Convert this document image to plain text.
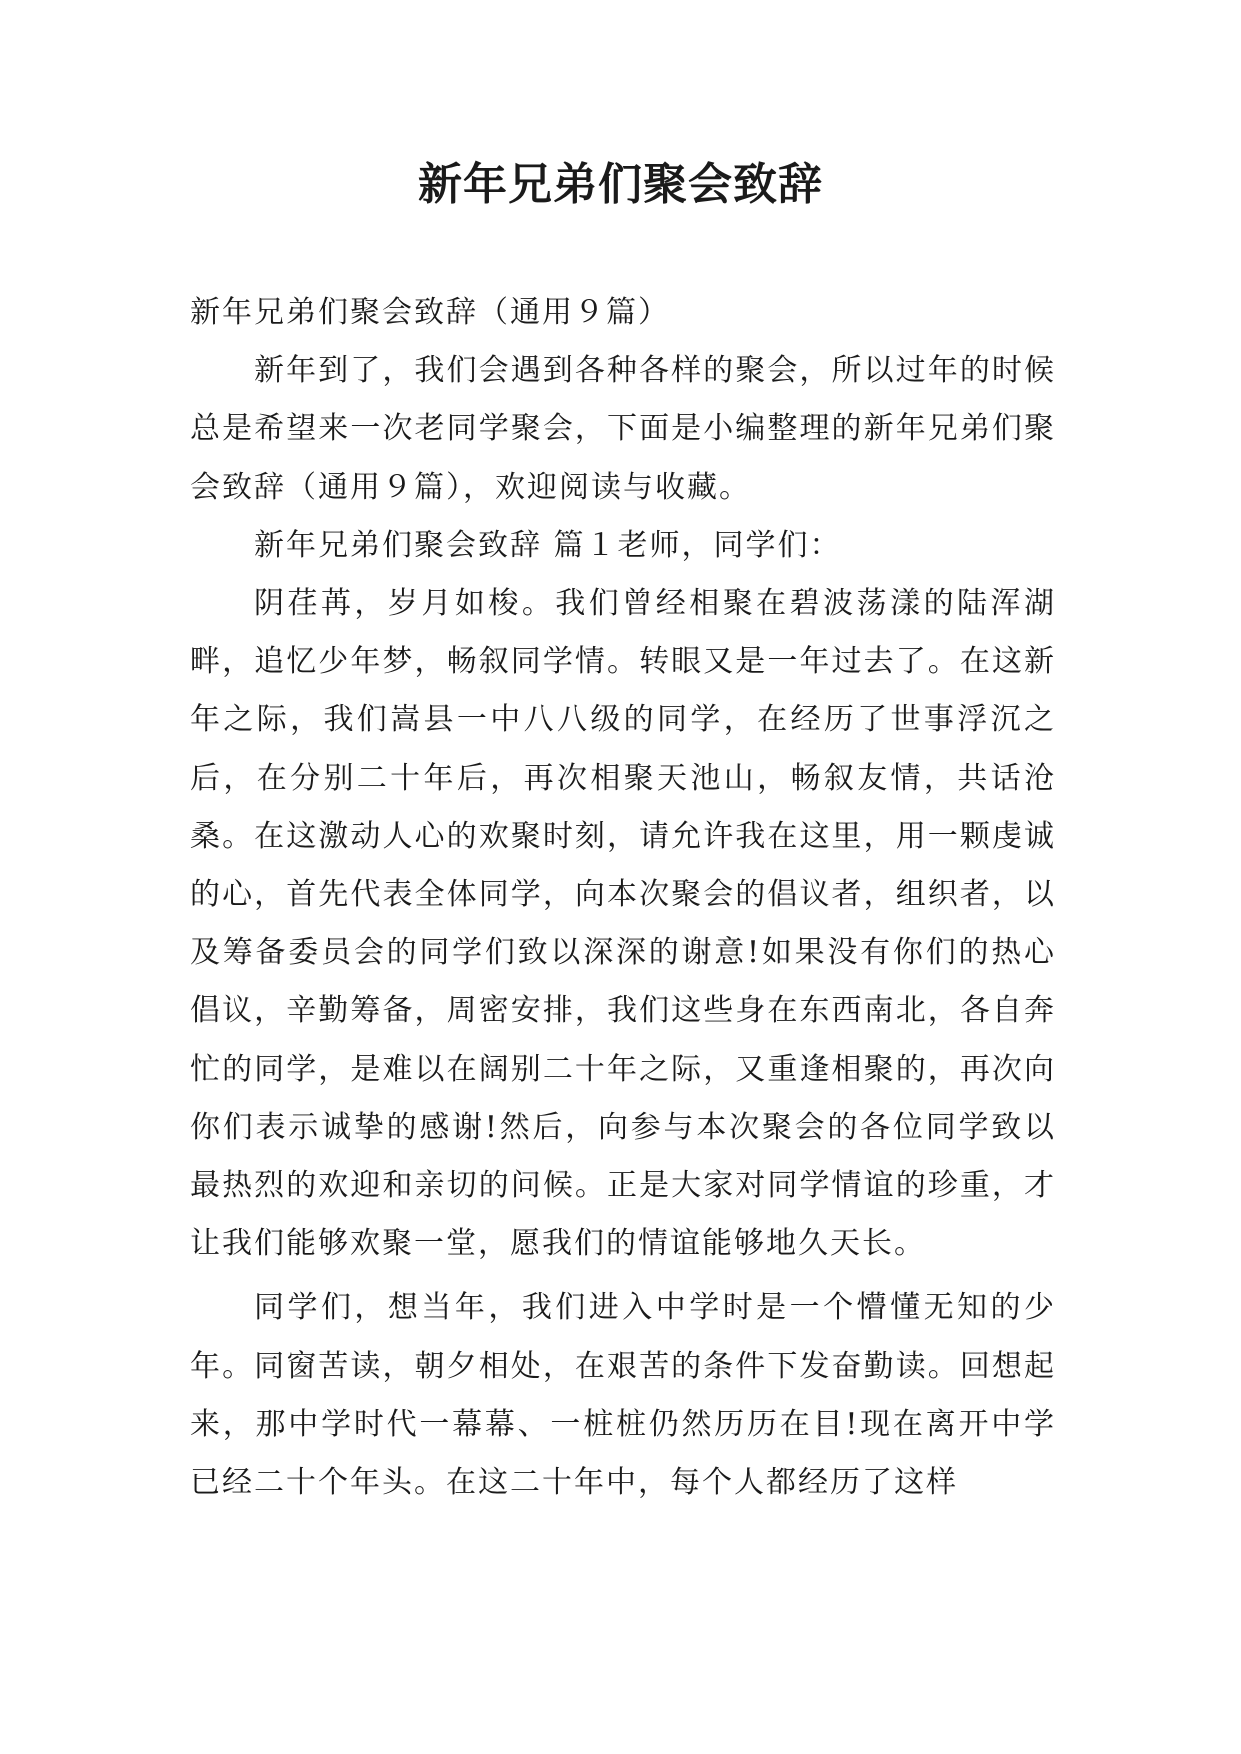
新年兄弟们聚会致辞

新年兄弟们聚会致辞（通用９篇）

新年到了，我们会遇到各种各样的聚会，所以过年的时候总是希望来一次老同学聚会，下面是小编整理的新年兄弟们聚会致辞（通用９篇），欢迎阅读与收藏。

新年兄弟们聚会致辞 篇１老师，同学们：

阴荏苒，岁月如梭。我们曾经相聚在碧波荡漾的陆浑湖畔，追忆少年梦，畅叙同学情。转眼又是一年过去了。在这新年之际，我们嵩县一中八八级的同学，在经历了世事浮沉之后，在分别二十年后，再次相聚天池山，畅叙友情，共话沧桑。在这激动人心的欢聚时刻，请允许我在这里，用一颗虔诚的心，首先代表全体同学，向本次聚会的倡议者，组织者，以及筹备委员会的同学们致以深深的谢意!如果没有你们的热心倡议，辛勤筹备，周密安排，我们这些身在东西南北，各自奔忙的同学，是难以在阔别二十年之际，又重逢相聚的，再次向你们表示诚挚的感谢!然后，向参与本次聚会的各位同学致以最热烈的欢迎和亲切的问候。正是大家对同学情谊的珍重，才让我们能够欢聚一堂，愿我们的情谊能够地久天长。

同学们，想当年，我们进入中学时是一个懵懂无知的少年。同窗苦读，朝夕相处，在艰苦的条件下发奋勤读。回想起来，那中学时代一幕幕、一桩桩仍然历历在目!现在离开中学已经二十个年头。在这二十年中，每个人都经历了这样
